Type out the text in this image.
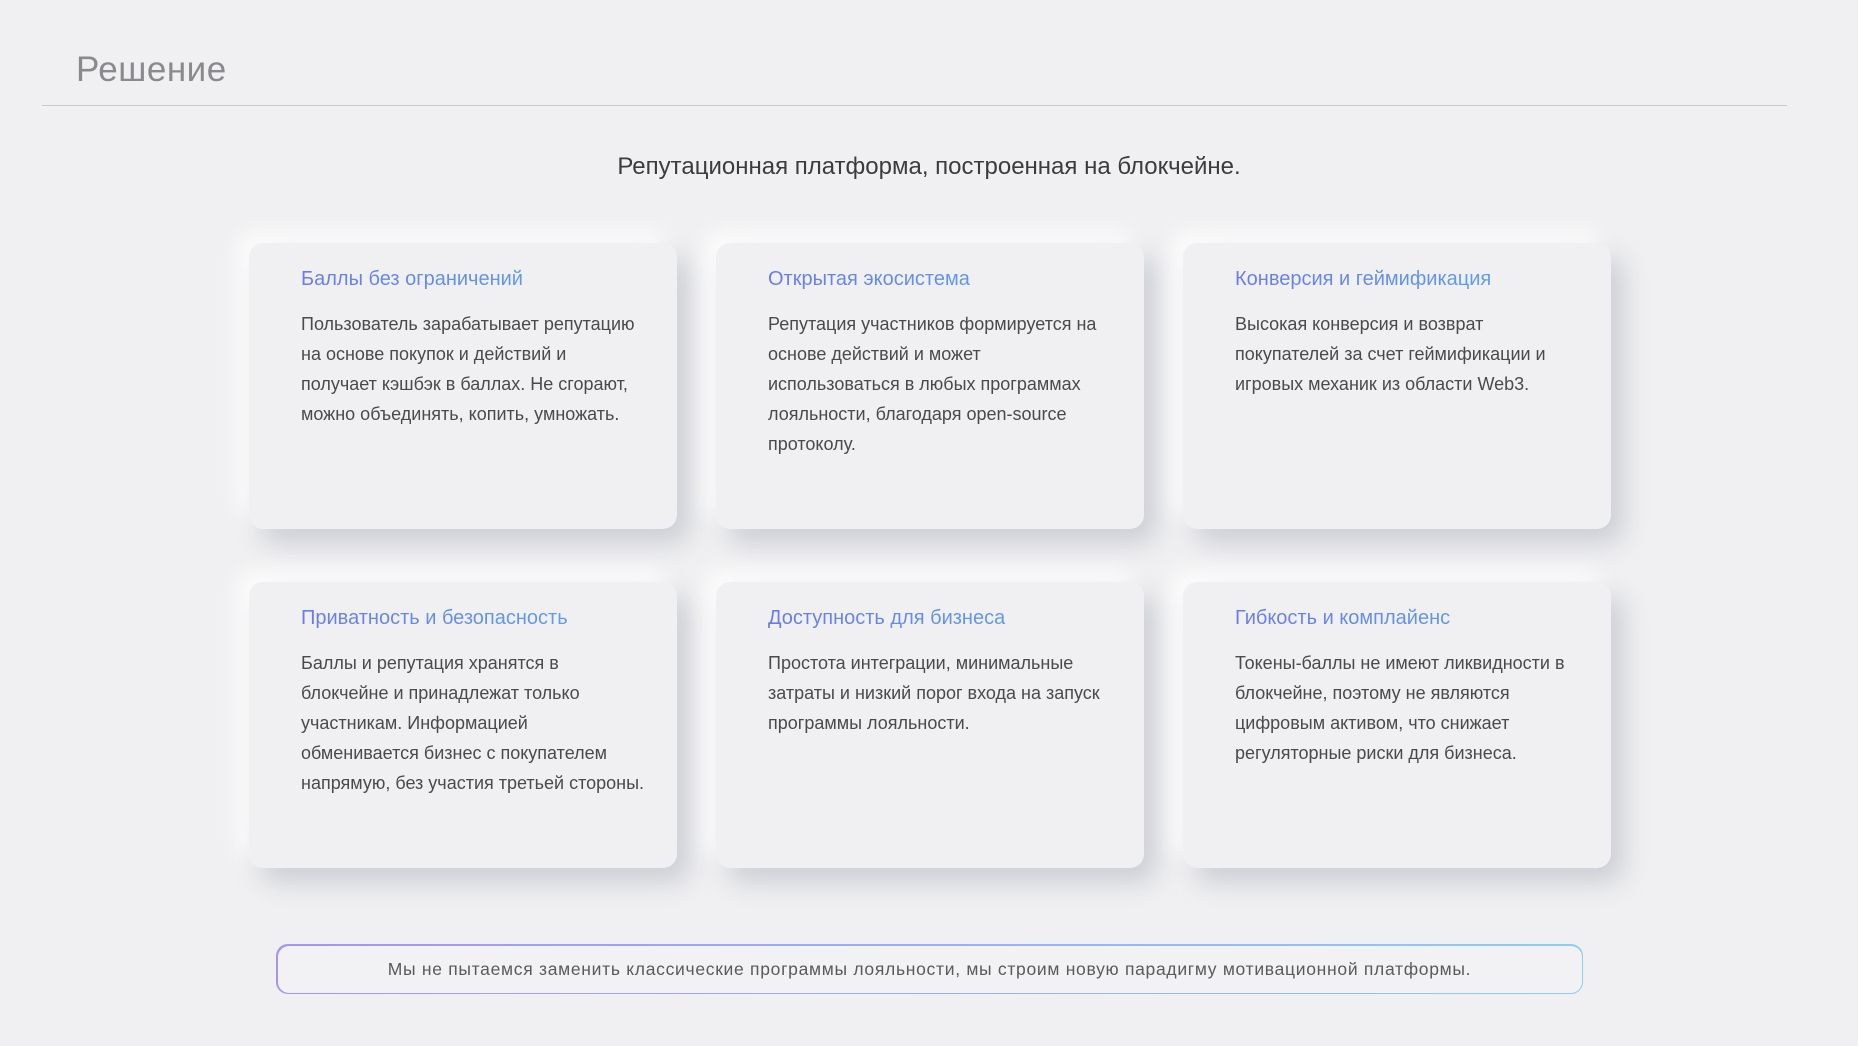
Решение
Репутационная платформа, построенная на блокчейне.
Баллы без ограничений

Пользователь зарабатывает репутацию на основе покупок и действий и получает кэшбэк в баллах. Не сгорают, можно объединять, копить, умножать.

Открытая экосистема

Репутация участников формируется на основе действий и может использоваться в любых программах лояльности, благодаря open-source протоколу.

Конверсия и геймификация

Высокая конверсия и возврат покупателей за счет геймификации и игровых механик из области Web3.

Приватность и безопасность

Баллы и репутация хранятся в блокчейне и принадлежат только участникам. Информацией обменивается бизнес с покупателем напрямую, без участия третьей стороны.

Доступность для бизнеса

Простота интеграции, минимальные затраты и низкий порог входа на запуск программы лояльности.

Гибкость и комплайенс

Токены-баллы не имеют ликвидности в блокчейне, поэтому не являются цифровым активом, что снижает регуляторные риски для бизнеса.

Мы не пытаемся заменить классические программы лояльности, мы строим новую парадигму мотивационной платформы.
